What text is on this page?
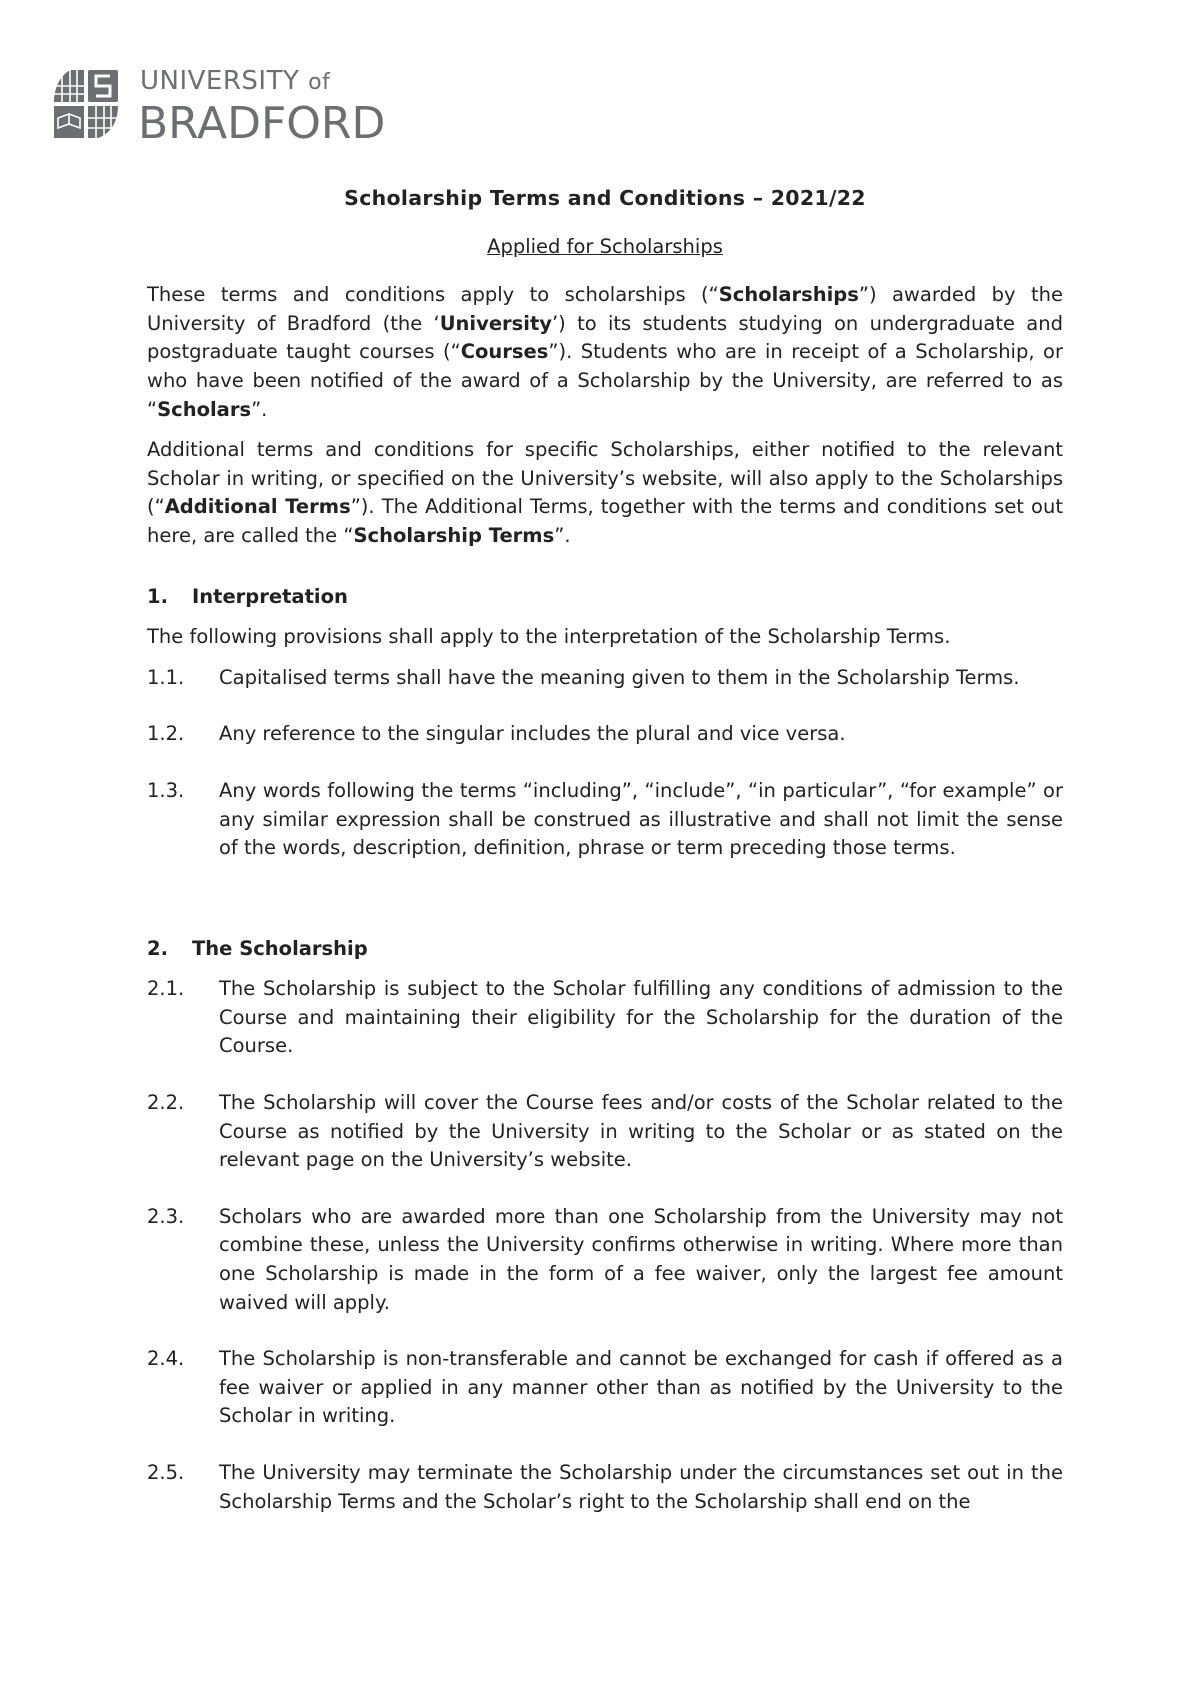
UNIVERSITY of
BRADFORD
Scholarship Terms and Conditions – 2021/22
Applied for Scholarships

These terms and conditions apply to scholarships (“Scholarships”) awarded by the University of Bradford (the ‘University’) to its students studying on undergraduate and postgraduate taught courses (“Courses”). Students who are in receipt of a Scholarship, or who have been notified of the award of a Scholarship by the University, are referred to as “Scholars”.

Additional terms and conditions for specific Scholarships, either notified to the relevant Scholar in writing, or specified on the University’s website, will also apply to the Scholarships (“Additional Terms”). The Additional Terms, together with the terms and conditions set out here, are called the “Scholarship Terms”.

1.	Interpretation

The following provisions shall apply to the interpretation of the Scholarship Terms.

1.1.	Capitalised terms shall have the meaning given to them in the Scholarship Terms.
1.2.	Any reference to the singular includes the plural and vice versa.
1.3.	Any words following the terms “including”, “include”, “in particular”, “for example” or any similar expression shall be construed as illustrative and shall not limit the sense of the words, description, definition, phrase or term preceding those terms.
2.	The Scholarship
2.1.	The Scholarship is subject to the Scholar fulfilling any conditions of admission to the Course and maintaining their eligibility for the Scholarship for the duration of the Course.
2.2.	The Scholarship will cover the Course fees and/or costs of the Scholar related to the Course as notified by the University in writing to the Scholar or as stated on the relevant page on the University’s website.
2.3.	Scholars who are awarded more than one Scholarship from the University may not combine these, unless the University confirms otherwise in writing. Where more than one Scholarship is made in the form of a fee waiver, only the largest fee amount waived will apply.
2.4.	The Scholarship is non-transferable and cannot be exchanged for cash if offered as a fee waiver or applied in any manner other than as notified by the University to the Scholar in writing.
2.5.	The University may terminate the Scholarship under the circumstances set out in the Scholarship Terms and the Scholar’s right to the Scholarship shall end on the
